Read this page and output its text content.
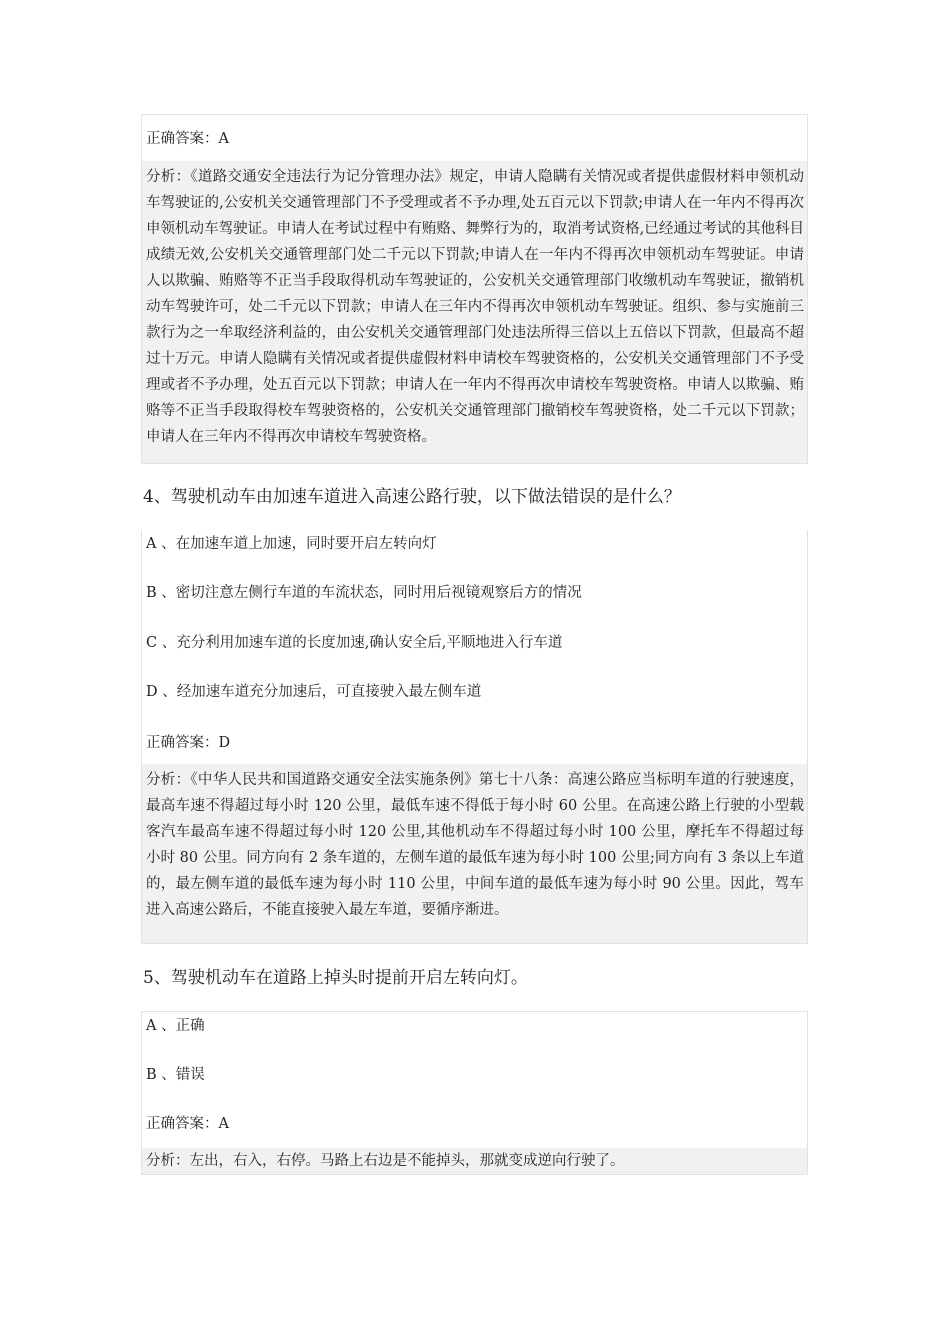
正确答案：A
分析：《道路交通安全违法行为记分管理办法》规定，申请人隐瞒有关情况或者提供虚假材料申领机动车驾驶证的,公安机关交通管理部门不予受理或者不予办理,处五百元以下罚款;申请人在一年内不得再次申领机动车驾驶证。申请人在考试过程中有贿赂、舞弊行为的，取消考试资格,已经通过考试的其他科目成绩无效,公安机关交通管理部门处二千元以下罚款;申请人在一年内不得再次申领机动车驾驶证。申请人以欺骗、贿赂等不正当手段取得机动车驾驶证的，公安机关交通管理部门收缴机动车驾驶证，撤销机动车驾驶许可，处二千元以下罚款；申请人在三年内不得再次申领机动车驾驶证。组织、参与实施前三款行为之一牟取经济利益的，由公安机关交通管理部门处违法所得三倍以上五倍以下罚款，但最高不超过十万元。申请人隐瞒有关情况或者提供虚假材料申请校车驾驶资格的，公安机关交通管理部门不予受理或者不予办理，处五百元以下罚款；申请人在一年内不得再次申请校车驾驶资格。申请人以欺骗、贿赂等不正当手段取得校车驾驶资格的，公安机关交通管理部门撤销校车驾驶资格，处二千元以下罚款；申请人在三年内不得再次申请校车驾驶资格。
4、驾驶机动车由加速车道进入高速公路行驶，以下做法错误的是什么？
A 、在加速车道上加速，同时要开启左转向灯
B 、密切注意左侧行车道的车流状态，同时用后视镜观察后方的情况
C 、充分利用加速车道的长度加速,确认安全后,平顺地进入行车道
D 、经加速车道充分加速后，可直接驶入最左侧车道
正确答案：D
分析：《中华人民共和国道路交通安全法实施条例》第七十八条：高速公路应当标明车道的行驶速度，最高车速不得超过每小时 120 公里，最低车速不得低于每小时 60 公里。在高速公路上行驶的小型载客汽车最高车速不得超过每小时 120 公里,其他机动车不得超过每小时 100 公里，摩托车不得超过每小时 80 公里。同方向有 2 条车道的，左侧车道的最低车速为每小时 100 公里;同方向有 3 条以上车道的，最左侧车道的最低车速为每小时 110 公里，中间车道的最低车速为每小时 90 公里。因此，驾车进入高速公路后，不能直接驶入最左车道，要循序渐进。
5、驾驶机动车在道路上掉头时提前开启左转向灯。
A 、正确
B 、错误
正确答案：A
分析：左出，右入，右停。马路上右边是不能掉头，那就变成逆向行驶了。
